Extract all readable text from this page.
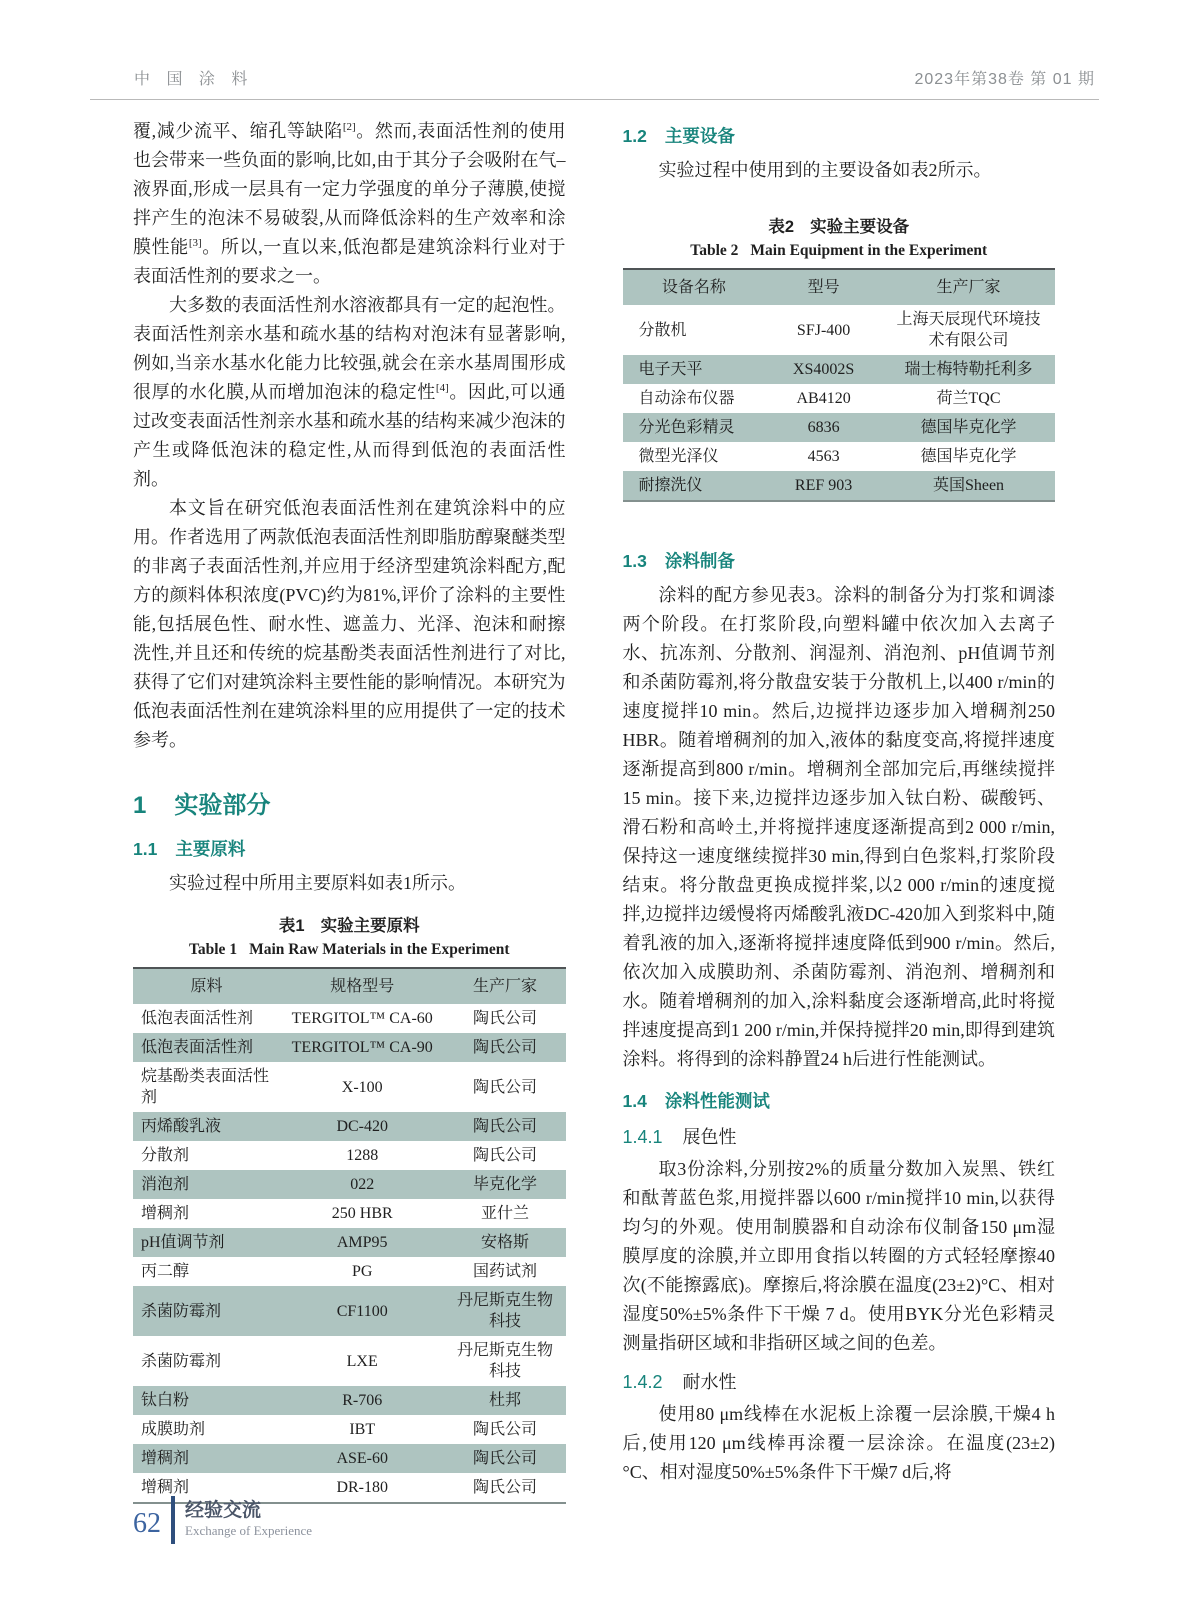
中 国 涂 料	2023年第38卷 第 01 期

覆,减少流平、缩孔等缺陷[2]。然而,表面活性剂的使用也会带来一些负面的影响,比如,由于其分子会吸附在气–液界面,形成一层具有一定力学强度的单分子薄膜,使搅拌产生的泡沫不易破裂,从而降低涂料的生产效率和涂膜性能[3]。所以,一直以来,低泡都是建筑涂料行业对于表面活性剂的要求之一。

大多数的表面活性剂水溶液都具有一定的起泡性。表面活性剂亲水基和疏水基的结构对泡沫有显著影响,例如,当亲水基水化能力比较强,就会在亲水基周围形成很厚的水化膜,从而增加泡沫的稳定性[4]。因此,可以通过改变表面活性剂亲水基和疏水基的结构来减少泡沫的产生或降低泡沫的稳定性,从而得到低泡的表面活性剂。

本文旨在研究低泡表面活性剂在建筑涂料中的应用。作者选用了两款低泡表面活性剂即脂肪醇聚醚类型的非离子表面活性剂,并应用于经济型建筑涂料配方,配方的颜料体积浓度(PVC)约为81%,评价了涂料的主要性能,包括展色性、耐水性、遮盖力、光泽、泡沫和耐擦洗性,并且还和传统的烷基酚类表面活性剂进行了对比,获得了它们对建筑涂料主要性能的影响情况。本研究为低泡表面活性剂在建筑涂料里的应用提供了一定的技术参考。

1 实验部分
1.1 主要原料

实验过程中所用主要原料如表1所示。

表1 实验主要原料
Table 1 Main Raw Materials in the Experiment
原料	规格型号	生产厂家
低泡表面活性剂	TERGITOL™ CA-60	陶氏公司
低泡表面活性剂	TERGITOL™ CA-90	陶氏公司
烷基酚类表面活性剂	X-100	陶氏公司
丙烯酸乳液	DC-420	陶氏公司
分散剂	1288	陶氏公司
消泡剂	022	毕克化学
增稠剂	250 HBR	亚什兰
pH值调节剂	AMP95	安格斯
丙二醇	PG	国药试剂
杀菌防霉剂	CF1100	丹尼斯克生物科技
杀菌防霉剂	LXE	丹尼斯克生物科技
钛白粉	R-706	杜邦
成膜助剂	IBT	陶氏公司
增稠剂	ASE-60	陶氏公司
增稠剂	DR-180	陶氏公司
1.2 主要设备

实验过程中使用到的主要设备如表2所示。

表2 实验主要设备
Table 2 Main Equipment in the Experiment
设备名称	型号	生产厂家
分散机	SFJ-400	上海天辰现代环境技术有限公司
电子天平	XS4002S	瑞士梅特勒托利多
自动涂布仪器	AB4120	荷兰TQC
分光色彩精灵	6836	德国毕克化学
微型光泽仪	4563	德国毕克化学
耐擦洗仪	REF 903	英国Sheen
1.3 涂料制备

涂料的配方参见表3。涂料的制备分为打浆和调漆两个阶段。在打浆阶段,向塑料罐中依次加入去离子水、抗冻剂、分散剂、润湿剂、消泡剂、pH值调节剂和杀菌防霉剂,将分散盘安装于分散机上,以400 r/min的速度搅拌10 min。然后,边搅拌边逐步加入增稠剂250 HBR。随着增稠剂的加入,液体的黏度变高,将搅拌速度逐渐提高到800 r/min。增稠剂全部加完后,再继续搅拌15 min。接下来,边搅拌边逐步加入钛白粉、碳酸钙、滑石粉和高岭土,并将搅拌速度逐渐提高到2 000 r/min,保持这一速度继续搅拌30 min,得到白色浆料,打浆阶段结束。将分散盘更换成搅拌桨,以2 000 r/min的速度搅拌,边搅拌边缓慢将丙烯酸乳液DC-420加入到浆料中,随着乳液的加入,逐渐将搅拌速度降低到900 r/min。然后,依次加入成膜助剂、杀菌防霉剂、消泡剂、增稠剂和水。随着增稠剂的加入,涂料黏度会逐渐增高,此时将搅拌速度提高到1 200 r/min,并保持搅拌20 min,即得到建筑涂料。将得到的涂料静置24 h后进行性能测试。

1.4 涂料性能测试
1.4.1 展色性

取3份涂料,分别按2%的质量分数加入炭黑、铁红和酞菁蓝色浆,用搅拌器以600 r/min搅拌10 min,以获得均匀的外观。使用制膜器和自动涂布仪制备150 μm湿膜厚度的涂膜,并立即用食指以转圈的方式轻轻摩擦40次(不能擦露底)。摩擦后,将涂膜在温度(23±2)°C、相对湿度50%±5%条件下干燥 7 d。使用BYK分光色彩精灵测量指研区域和非指研区域之间的色差。

1.4.2 耐水性

使用80 μm线棒在水泥板上涂覆一层涂膜,干燥4 h后,使用120 μm线棒再涂覆一层涂涂。在温度(23±2) °C、相对湿度50%±5%条件下干燥7 d后,将

62 经验交流
Exchange of Experience
